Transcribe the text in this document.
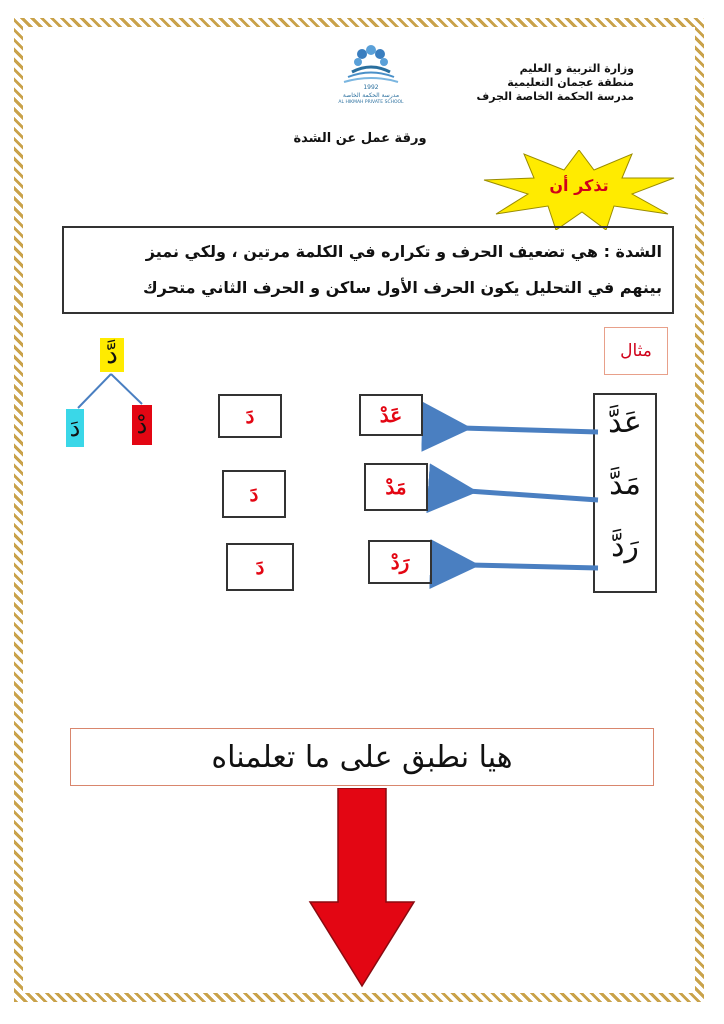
وزارة التربية و العليم
منطقة عجمان التعليمية
مدرسة الحكمة الخاصة الجرف
1992
مدرسة الحكمة الخاصة
AL HIKMAH PRIVATE SCHOOL
ورقة عمل عن الشدة
تذكر أن
الشدة : هي تضعيف الحرف و تكراره في الكلمة مرتين ، ولكي نميز
بينهم في التحليل يكون الحرف الأول ساكن و الحرف الثاني متحرك
مثال
عَدَّ
مَدَّ
رَدَّ
عَدْ
مَدْ
رَدْ
دَ
دَ
دَ
دَّ
دَ دْ
هيا نطبق على ما تعلمناه
